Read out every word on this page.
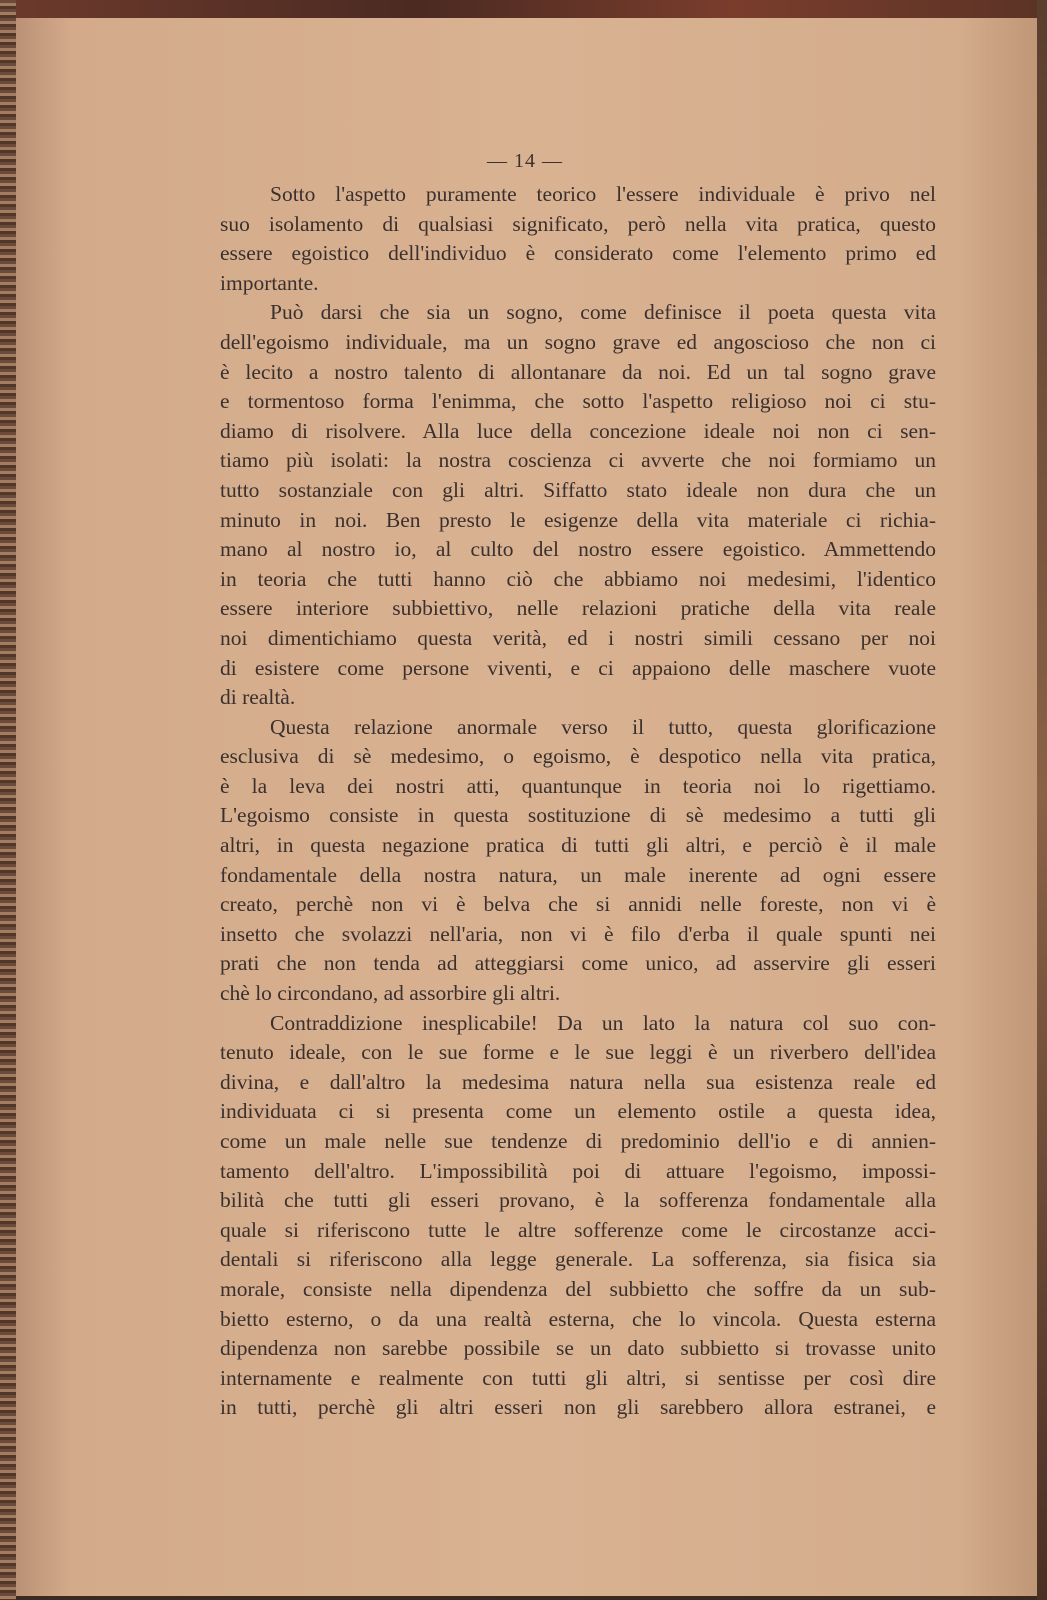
— 14 —
Sotto l'aspetto puramente teorico l'essere individuale è privo nel
suo isolamento di qualsiasi significato, però nella vita pratica, questo
essere egoistico dell'individuo è considerato come l'elemento primo ed
importante.
Può darsi che sia un sogno, come definisce il poeta questa vita
dell'egoismo individuale, ma un sogno grave ed angoscioso che non ci
è lecito a nostro talento di allontanare da noi. Ed un tal sogno grave
e tormentoso forma l'enimma, che sotto l'aspetto religioso noi ci stu-
diamo di risolvere. Alla luce della concezione ideale noi non ci sen-
tiamo più isolati: la nostra coscienza ci avverte che noi formiamo un
tutto sostanziale con gli altri. Siffatto stato ideale non dura che un
minuto in noi. Ben presto le esigenze della vita materiale ci richia-
mano al nostro io, al culto del nostro essere egoistico. Ammettendo
in teoria che tutti hanno ciò che abbiamo noi medesimi, l'identico
essere interiore subbiettivo, nelle relazioni pratiche della vita reale
noi dimentichiamo questa verità, ed i nostri simili cessano per noi
di esistere come persone viventi, e ci appaiono delle maschere vuote
di realtà.
Questa relazione anormale verso il tutto, questa glorificazione
esclusiva di sè medesimo, o egoismo, è despotico nella vita pratica,
è la leva dei nostri atti, quantunque in teoria noi lo rigettiamo.
L'egoismo consiste in questa sostituzione di sè medesimo a tutti gli
altri, in questa negazione pratica di tutti gli altri, e perciò è il male
fondamentale della nostra natura, un male inerente ad ogni essere
creato, perchè non vi è belva che si annidi nelle foreste, non vi è
insetto che svolazzi nell'aria, non vi è filo d'erba il quale spunti nei
prati che non tenda ad atteggiarsi come unico, ad asservire gli esseri
chè lo circondano, ad assorbire gli altri.
Contraddizione inesplicabile! Da un lato la natura col suo con-
tenuto ideale, con le sue forme e le sue leggi è un riverbero dell'idea
divina, e dall'altro la medesima natura nella sua esistenza reale ed
individuata ci si presenta come un elemento ostile a questa idea,
come un male nelle sue tendenze di predominio dell'io e di annien-
tamento dell'altro. L'impossibilità poi di attuare l'egoismo, impossi-
bilità che tutti gli esseri provano, è la sofferenza fondamentale alla
quale si riferiscono tutte le altre sofferenze come le circostanze acci-
dentali si riferiscono alla legge generale. La sofferenza, sia fisica sia
morale, consiste nella dipendenza del subbietto che soffre da un sub-
bietto esterno, o da una realtà esterna, che lo vincola. Questa esterna
dipendenza non sarebbe possibile se un dato subbietto si trovasse unito
internamente e realmente con tutti gli altri, si sentisse per così dire
in tutti, perchè gli altri esseri non gli sarebbero allora estranei, e
